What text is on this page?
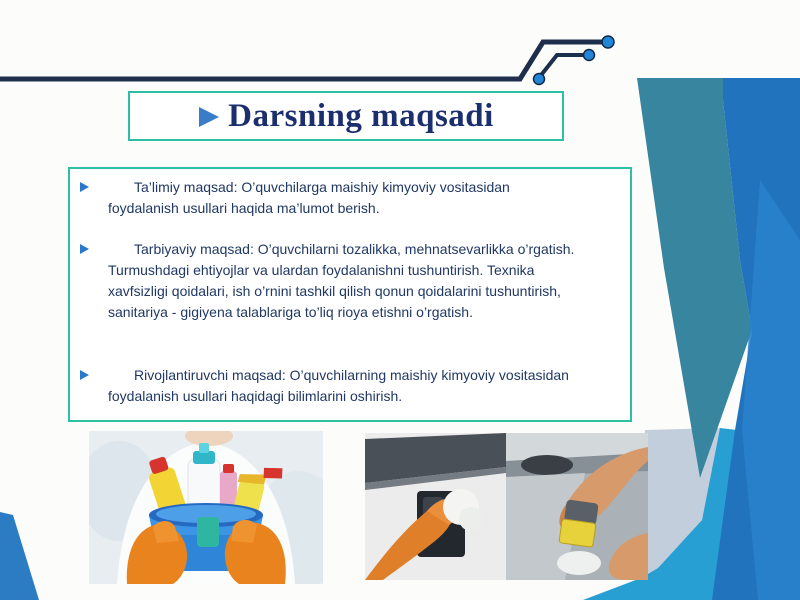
Darsning maqsadi

Ta’limiy maqsad: O’quvchilarga maishiy kimyoviy vositasidan foydalanish usullari haqida ma’lumot berish.

Tarbiyaviy maqsad: O’quvchilarni tozalikka, mehnatsevarlikka o’rgatish. Turmushdagi ehtiyojlar va ulardan foydalanishni tushuntirish. Texnika xavfsizligi qoidalari, ish o’rnini tashkil qilish qonun qoidalarini tushuntirish, sanitariya - gigiyena talablariga to’liq rioya etishni o’rgatish.

Rivojlantiruvchi maqsad: O’quvchilarning maishiy kimyoviy vositasidan foydalanish usullari haqidagi bilimlarini oshirish.
